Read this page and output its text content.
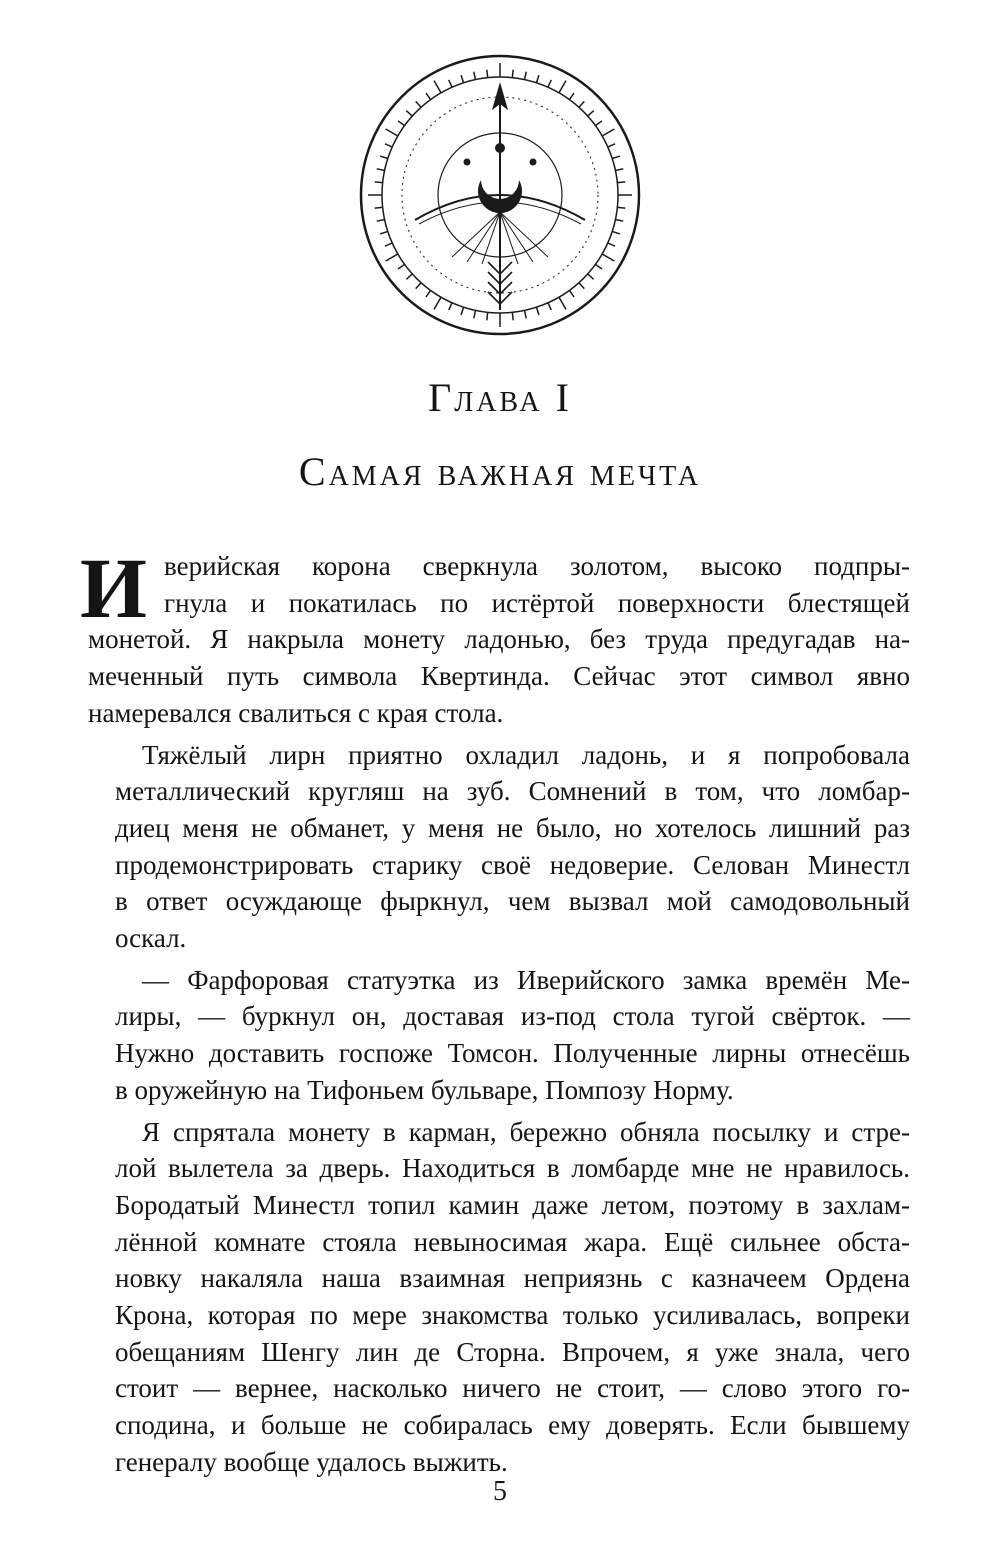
Глава I
Самая важная мечта
И верийская корона сверкнула золотом, высоко подпры-
гнула и покатилась по истёртой поверхности блестящей
монетой. Я накрыла монету ладонью, без труда предугадав на-
меченный путь символа Квертинда. Сейчас этот символ явно
намеревался свалиться с края стола.
Тяжёлый лирн приятно охладил ладонь, и я попробовала
металлический кругляш на зуб. Сомнений в том, что ломбар-
диец меня не обманет, у меня не было, но хотелось лишний раз
продемонстрировать старику своё недоверие. Селован Минестл
в ответ осуждающе фыркнул, чем вызвал мой самодовольный
оскал.
— Фарфоровая статуэтка из Иверийского замка времён Ме-
лиры, — буркнул он, доставая из-под стола тугой свёрток. —
Нужно доставить госпоже Томсон. Полученные лирны отнесёшь
в оружейную на Тифоньем бульваре, Помпозу Норму.
Я спрятала монету в карман, бережно обняла посылку и стре-
лой вылетела за дверь. Находиться в ломбарде мне не нравилось.
Бородатый Минестл топил камин даже летом, поэтому в захлам-
лённой комнате стояла невыносимая жара. Ещё сильнее обста-
новку накаляла наша взаимная неприязнь с казначеем Ордена
Крона, которая по мере знакомства только усиливалась, вопреки
обещаниям Шенгу лин де Сторна. Впрочем, я уже знала, чего
стоит — вернее, насколько ничего не стоит, — слово этого го-
сподина, и больше не собиралась ему доверять. Если бывшему
генералу вообще удалось выжить.
5
